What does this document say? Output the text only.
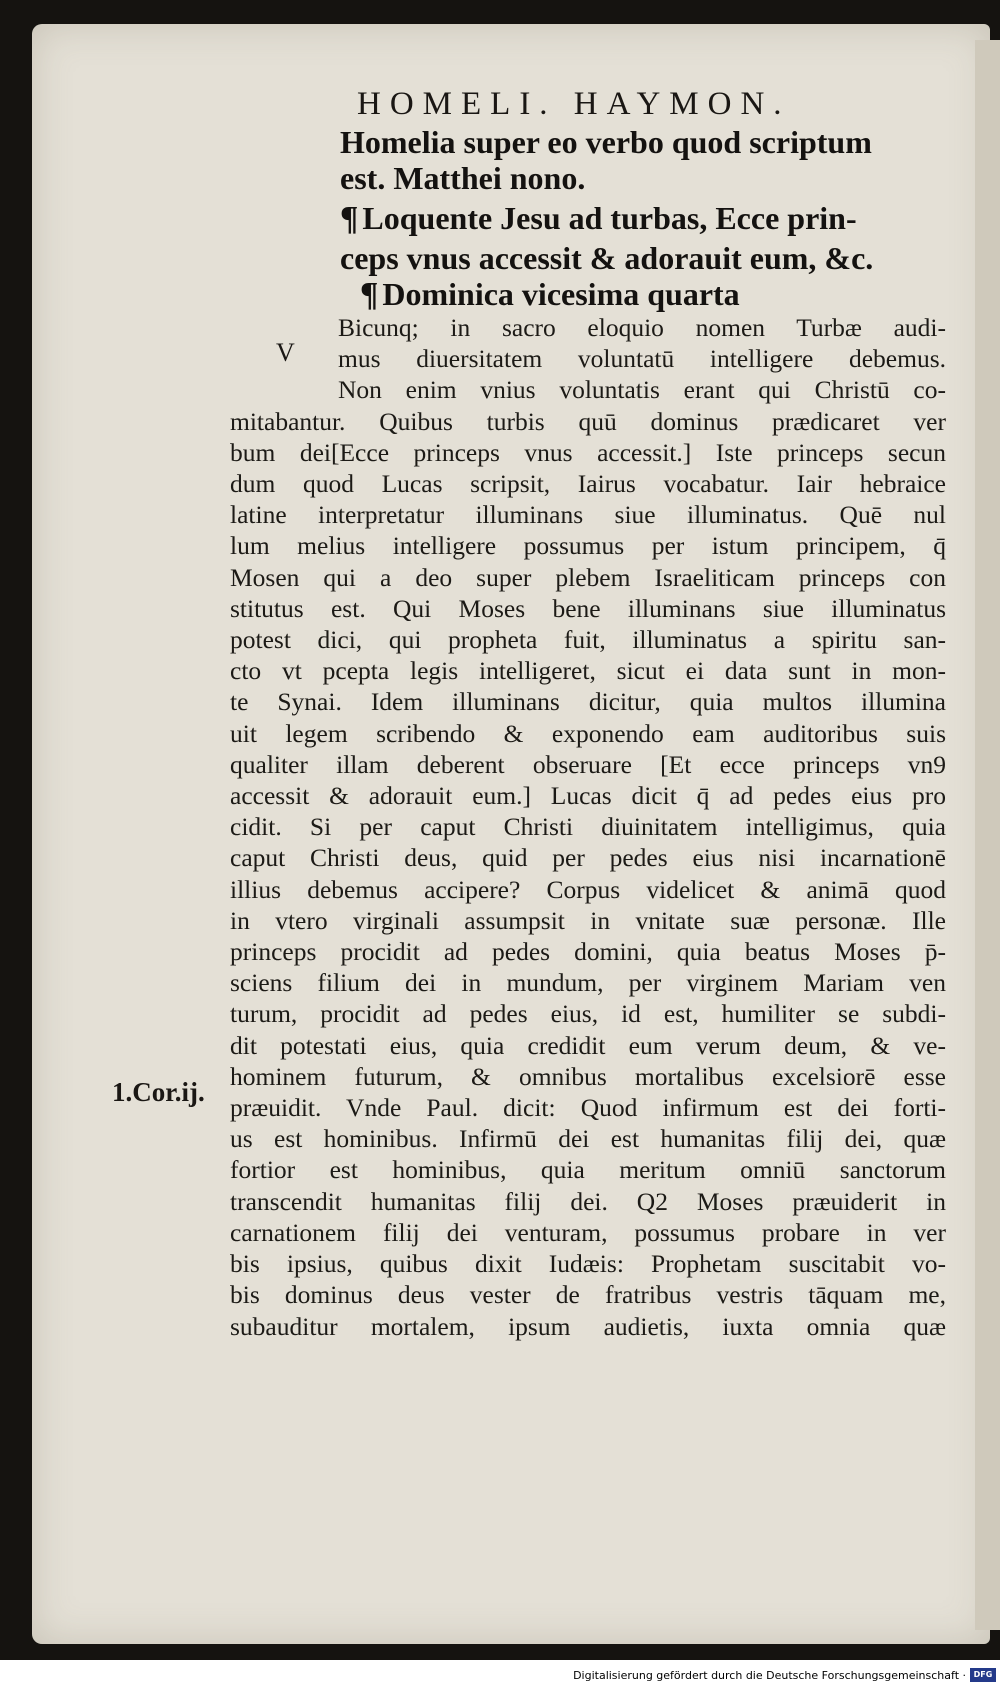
HOMELI. HAYMON.
Homelia super eo verbo quod scriptum
est. Matthei nono.
¶ Loquente Jesu ad turbas, Ecce prin-
ceps vnus accessit & adorauit eum, &c.
¶ Dominica vicesima quarta
V
1.Cor.ij.
Bicunq; in sacro eloquio nomen Turbæ audi-
mus diuersitatem voluntatū intelligere debemus.
Non enim vnius voluntatis erant qui Christū co-
mitabantur. Quibus turbis quū dominus prædicaret ver
bum dei[Ecce princeps vnus accessit.] Iste princeps secun
dum quod Lucas scripsit, Iairus vocabatur. Iair hebraice
latine interpretatur illuminans siue illuminatus. Quē nul
lum melius intelligere possumus per istum principem, q̄
Mosen qui a deo super plebem Israeliticam princeps con
stitutus est. Qui Moses bene illuminans siue illuminatus
potest dici, qui propheta fuit, illuminatus a spiritu san-
cto vt pcepta legis intelligeret, sicut ei data sunt in mon-
te Synai. Idem illuminans dicitur, quia multos illumina
uit legem scribendo & exponendo eam auditoribus suis
qualiter illam deberent obseruare [Et ecce princeps vn9
accessit & adorauit eum.] Lucas dicit q̄ ad pedes eius pro
cidit. Si per caput Christi diuinitatem intelligimus, quia
caput Christi deus, quid per pedes eius nisi incarnationē
illius debemus accipere? Corpus videlicet & animā quod
in vtero virginali assumpsit in vnitate suæ personæ. Ille
princeps procidit ad pedes domini, quia beatus Moses p̄-
sciens filium dei in mundum, per virginem Mariam ven
turum, procidit ad pedes eius, id est, humiliter se subdi-
dit potestati eius, quia credidit eum verum deum, & ve-
hominem futurum, & omnibus mortalibus excelsiorē esse
præuidit. Vnde Paul. dicit: Quod infirmum est dei forti-
us est hominibus. Infirmū dei est humanitas filij dei, quæ
fortior est hominibus, quia meritum omniū sanctorum
transcendit humanitas filij dei. Q2 Moses præuiderit in
carnationem filij dei venturam, possumus probare in ver
bis ipsius, quibus dixit Iudæis: Prophetam suscitabit vo-
bis dominus deus vester de fratribus vestris tāquam me,
subauditur mortalem, ipsum audietis, iuxta omnia quæ
Digitalisierung gefördert durch die Deutsche Forschungsgemeinschaft · DFG
